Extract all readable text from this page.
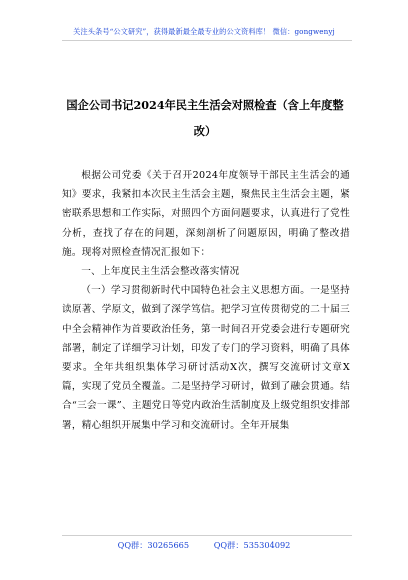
关注头条号“公文研究”，获得最新最全最专业的公文资料库！ 微信：gongwenyj
国企公司书记2024年民主生活会对照检查（含上年度整
改）

根据公司党委《关于召开2024年度领导干部民主生活会的通知》要求，我紧扣本次民主生活会主题，聚焦民主生活会主题，紧密联系思想和工作实际，对照四个方面问题要求，认真进行了党性分析，查找了存在的问题，深刻剖析了问题原因，明确了整改措施。现将对照检查情况汇报如下：

一、上年度民主生活会整改落实情况

（一）学习贯彻新时代中国特色社会主义思想方面。一是坚持读原著、学原文，做到了深学笃信。把学习宣传贯彻党的二十届三中全会精神作为首要政治任务，第一时间召开党委会进行专题研究部署，制定了详细学习计划，印发了专门的学习资料，明确了具体要求。全年共组织集体学习研讨活动X次，撰写交流研讨文章X篇，实现了党员全覆盖。二是坚持学习研讨，做到了融会贯通。结合“三会一课”、主题党日等党内政治生活制度及上级党组织安排部署，精心组织开展集中学习和交流研讨。全年开展集

QQ群：30265665	QQ群：535304092
